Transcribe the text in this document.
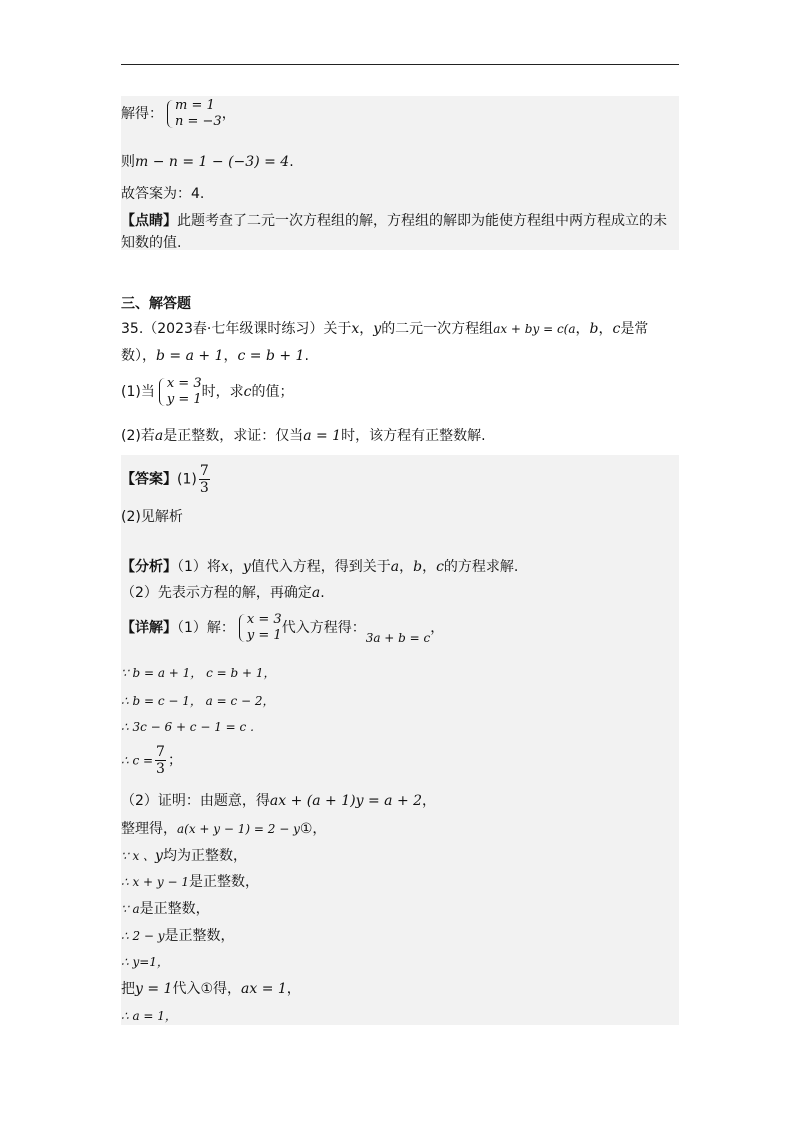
解得：
m = 1
n = −3 ，
则m − n = 1 − (−3) = 4.
故答案为：4.
【点睛】此题考查了二元一次方程组的解，方程组的解即为能使方程组中两方程成立的未
知数的值.
三、解答题
35.（2023春·七年级课时练习）关于x，y的二元一次方程组ax + by = c(a，b，c是常
数），b = a + 1，c = b + 1.
(1)当
x = 3
y = 1 时，求c的值；
(2)若a是正整数，求证：仅当a = 1时，该方程有正整数解.
【答案】$(1) \frac{7}{3}$
(2)见解析
【分析】（1）将x，y值代入方程，得到关于a，b，c的方程求解.
（2）先表示方程的解，再确定a.
【详解】（1）解：
x = 3
y = 1 代入方程得：3a + b = c，
∵ b = a + 1， c = b + 1，
∴ b = c − 1， a = c − 2，
∴ 3c − 6 + c − 1 = c .
∴ $c = \frac{7}{3}$ ；
（2）证明：由题意，得ax + (a + 1)y = a + 2，
整理得，a(x + y − 1) = 2 − y①，
∵ x 、y均为正整数，
∴ x + y − 1是正整数，
∵ a是正整数，
∴ 2 − y是正整数，
∴ y=1，
把y = 1代入①得，ax = 1，
∴ a = 1，
